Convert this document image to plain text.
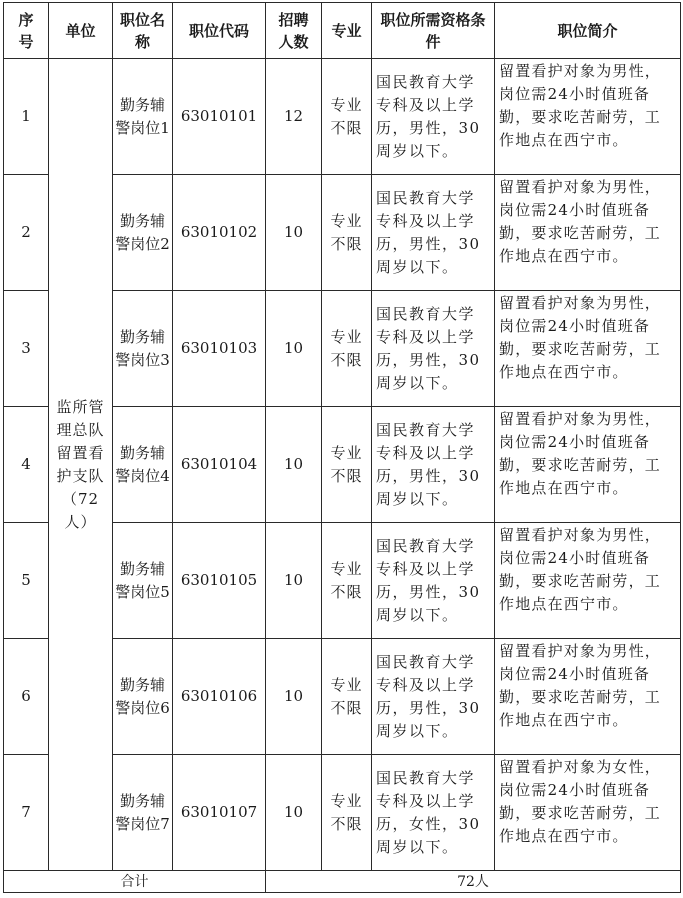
序号	单位	职位名称	职位代码	招聘人数	专业	职位所需资格条件	职位简介
1	监所管理总队留置看护支队（72人）	勤务辅警岗位1	63010101	12	专业不限	国民教育大学专科及以上学历，男性，30周岁以下。	留置看护对象为男性，岗位需24小时值班备勤，要求吃苦耐劳，工作地点在西宁市。
2		勤务辅警岗位2	63010102	10	专业不限	国民教育大学专科及以上学历，男性，30周岁以下。	留置看护对象为男性，岗位需24小时值班备勤，要求吃苦耐劳，工作地点在西宁市。
3		勤务辅警岗位3	63010103	10	专业不限	国民教育大学专科及以上学历，男性，30周岁以下。	留置看护对象为男性，岗位需24小时值班备勤，要求吃苦耐劳，工作地点在西宁市。
4		勤务辅警岗位4	63010104	10	专业不限	国民教育大学专科及以上学历，男性，30周岁以下。	留置看护对象为男性，岗位需24小时值班备勤，要求吃苦耐劳，工作地点在西宁市。
5		勤务辅警岗位5	63010105	10	专业不限	国民教育大学专科及以上学历，男性，30周岁以下。	留置看护对象为男性，岗位需24小时值班备勤，要求吃苦耐劳，工作地点在西宁市。
6		勤务辅警岗位6	63010106	10	专业不限	国民教育大学专科及以上学历，男性，30周岁以下。	留置看护对象为男性，岗位需24小时值班备勤，要求吃苦耐劳，工作地点在西宁市。
7		勤务辅警岗位7	63010107	10	专业不限	国民教育大学专科及以上学历，女性，30周岁以下。	留置看护对象为女性，岗位需24小时值班备勤，要求吃苦耐劳，工作地点在西宁市。
合计				72人			
